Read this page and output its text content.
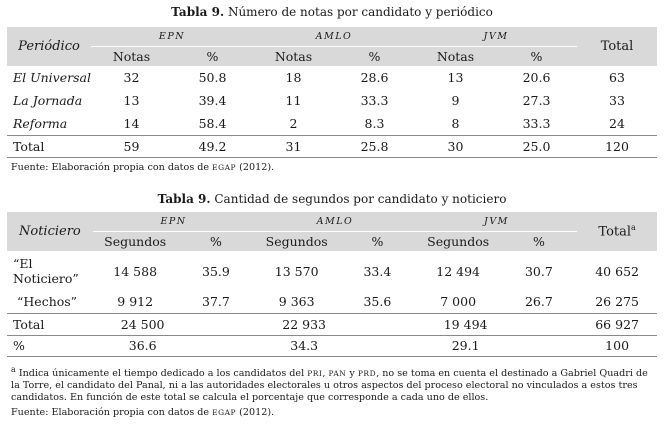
Tabla 9. Número de notas por candidato y periódico
Periódico	EPN		AMLO		JVM		Total
	Notas	%	Notas	%	Notas	%	
El Universal	32	50.8	18	28.6	13	20.6	63
La Jornada	13	39.4	11	33.3	9	27.3	33
Reforma	14	58.4	2	8.3	8	33.3	24
Total	59	49.2	31	25.8	30	25.0	120
Fuente: Elaboración propia con datos de EGAP (2012).
Tabla 9. Cantidad de segundos por candidato y noticiero
Noticiero	EPN		AMLO		JVM		Total$^a$
	Segundos	%	Segundos	%	Segundos	%	
“El Noticiero”	14 588	35.9	13 570	33.4	12 494	30.7	40 652
“Hechos”	9 912	37.7	9 363	35.6	7 000	26.7	26 275
Total	24 500		22 933		19 494		66 927
%	36.6		34.3		29.1		100
$^a$ Indica únicamente el tiempo dedicado a los candidatos del PRI, PAN y PRD, no se toma en cuenta el destinado a Gabriel Quadri de la Torre, el candidato del Panal, ni a las autoridades electorales u otros aspectos del proceso electoral no vinculados a estos tres candidatos. En función de este total se calcula el porcentaje que corresponde a cada uno de ellos.
Fuente: Elaboración propia con datos de EGAP (2012).
